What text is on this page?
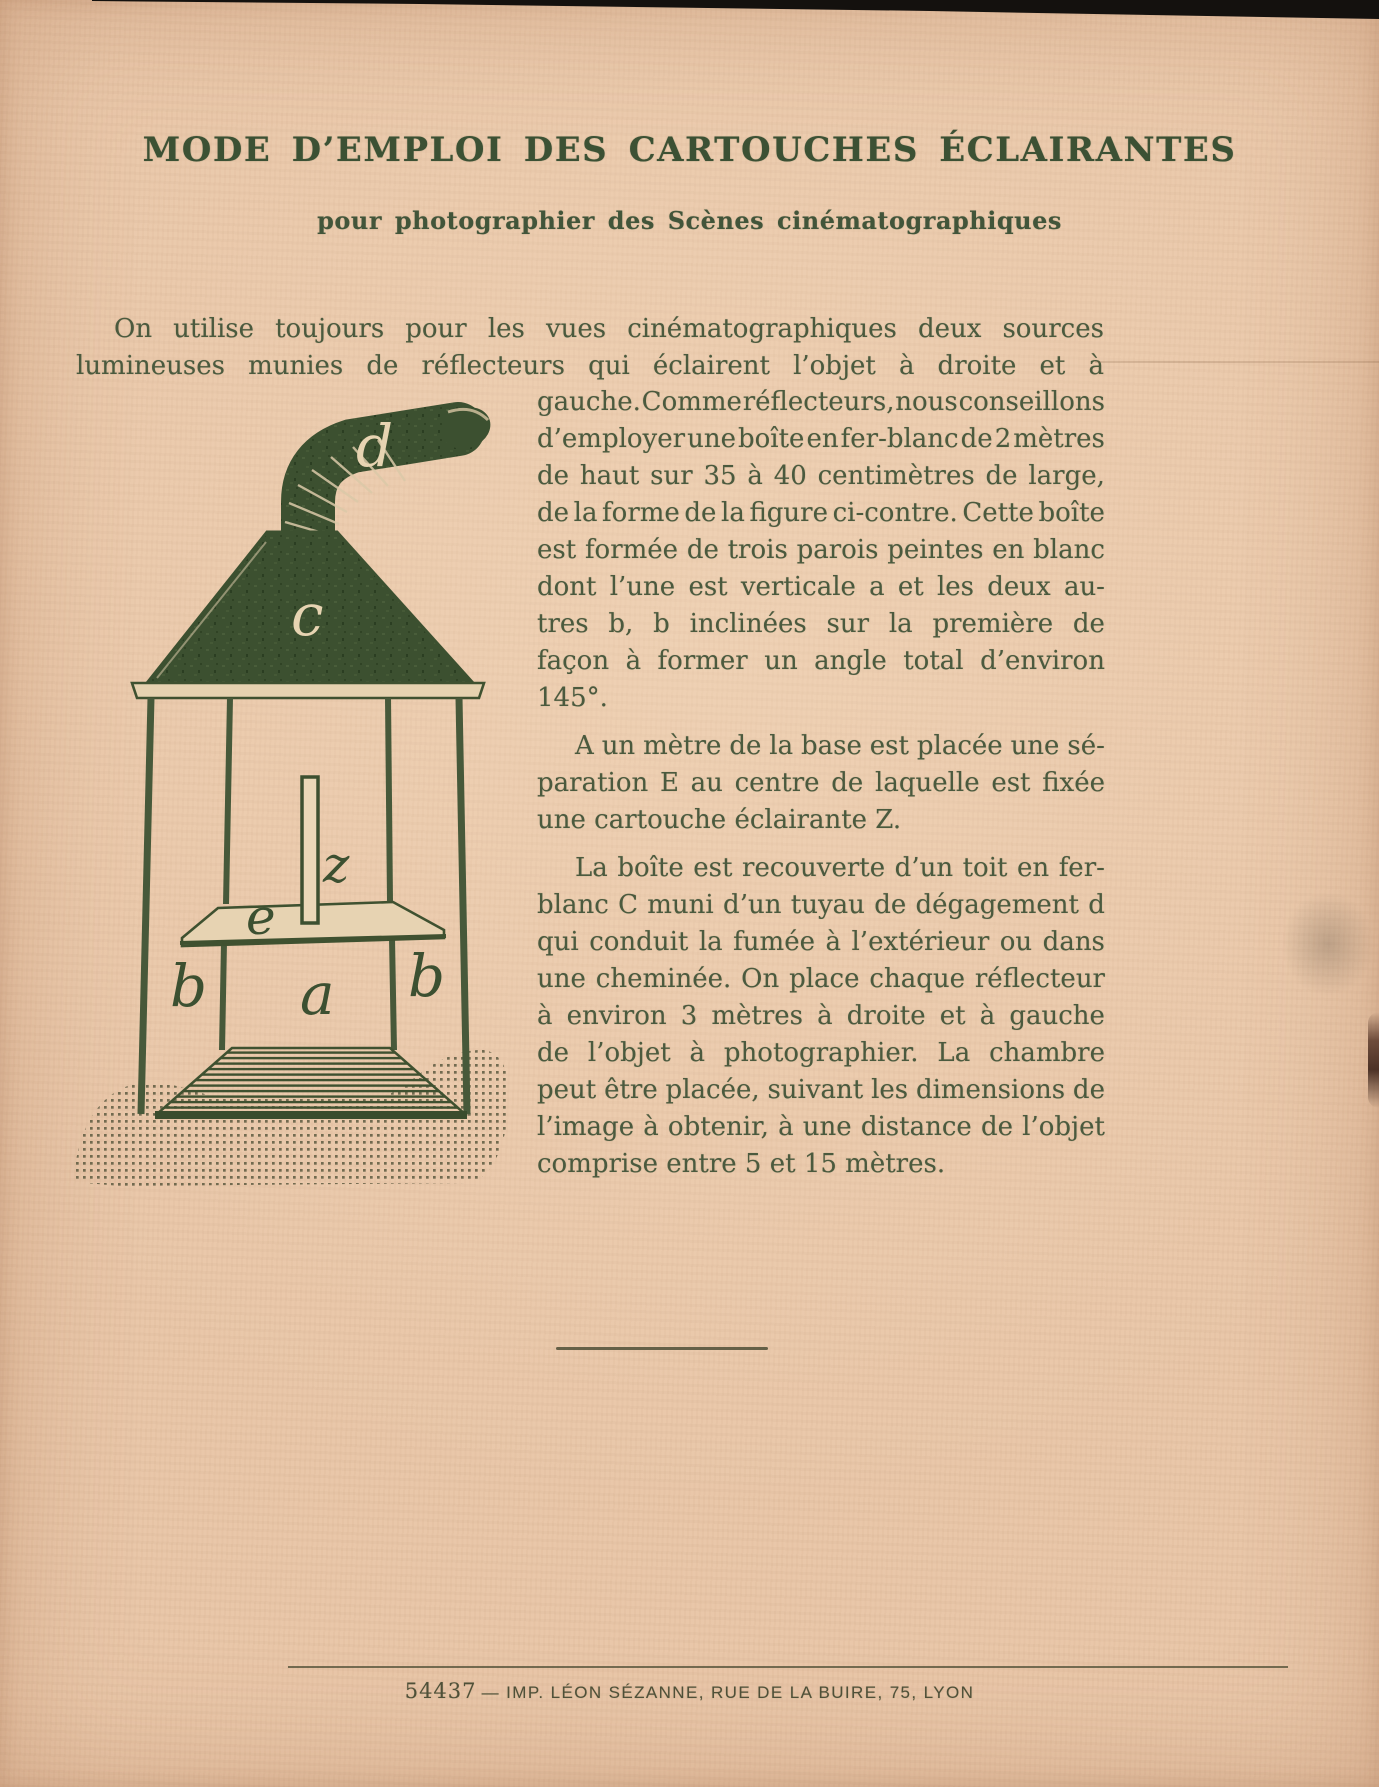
MODE D’EMPLOI DES CARTOUCHES ÉCLAIRANTES
pour photographier des Scènes cinématographiques
On utilise toujours pour les vues cinématographiques deux sources
lumineuses munies de réflecteurs qui éclairent l’objet à droite et à
d
c
z
e
b a b
gauche. Comme réflecteurs, nous conseillons
d’employer une boîte en fer-blanc de 2 mètres
de haut sur 35 à 40 centimètres de large,
de la forme de la figure ci-contre. Cette boîte
est formée de trois parois peintes en blanc
dont l’une est verticale a et les deux au-
tres b, b inclinées sur la première de
façon à former un angle total d’environ
145°.
A un mètre de la base est placée une sé-
paration E au centre de laquelle est fixée
une cartouche éclairante Z.
La boîte est recouverte d’un toit en fer-
blanc C muni d’un tuyau de dégagement d
qui conduit la fumée à l’extérieur ou dans
une cheminée. On place chaque réflecteur
à environ 3 mètres à droite et à gauche
de l’objet à photographier. La chambre
peut être placée, suivant les dimensions de
l’image à obtenir, à une distance de l’objet
comprise entre 5 et 15 mètres.
54437 — IMP. LÉON SÉZANNE, RUE DE LA BUIRE, 75, LYON
